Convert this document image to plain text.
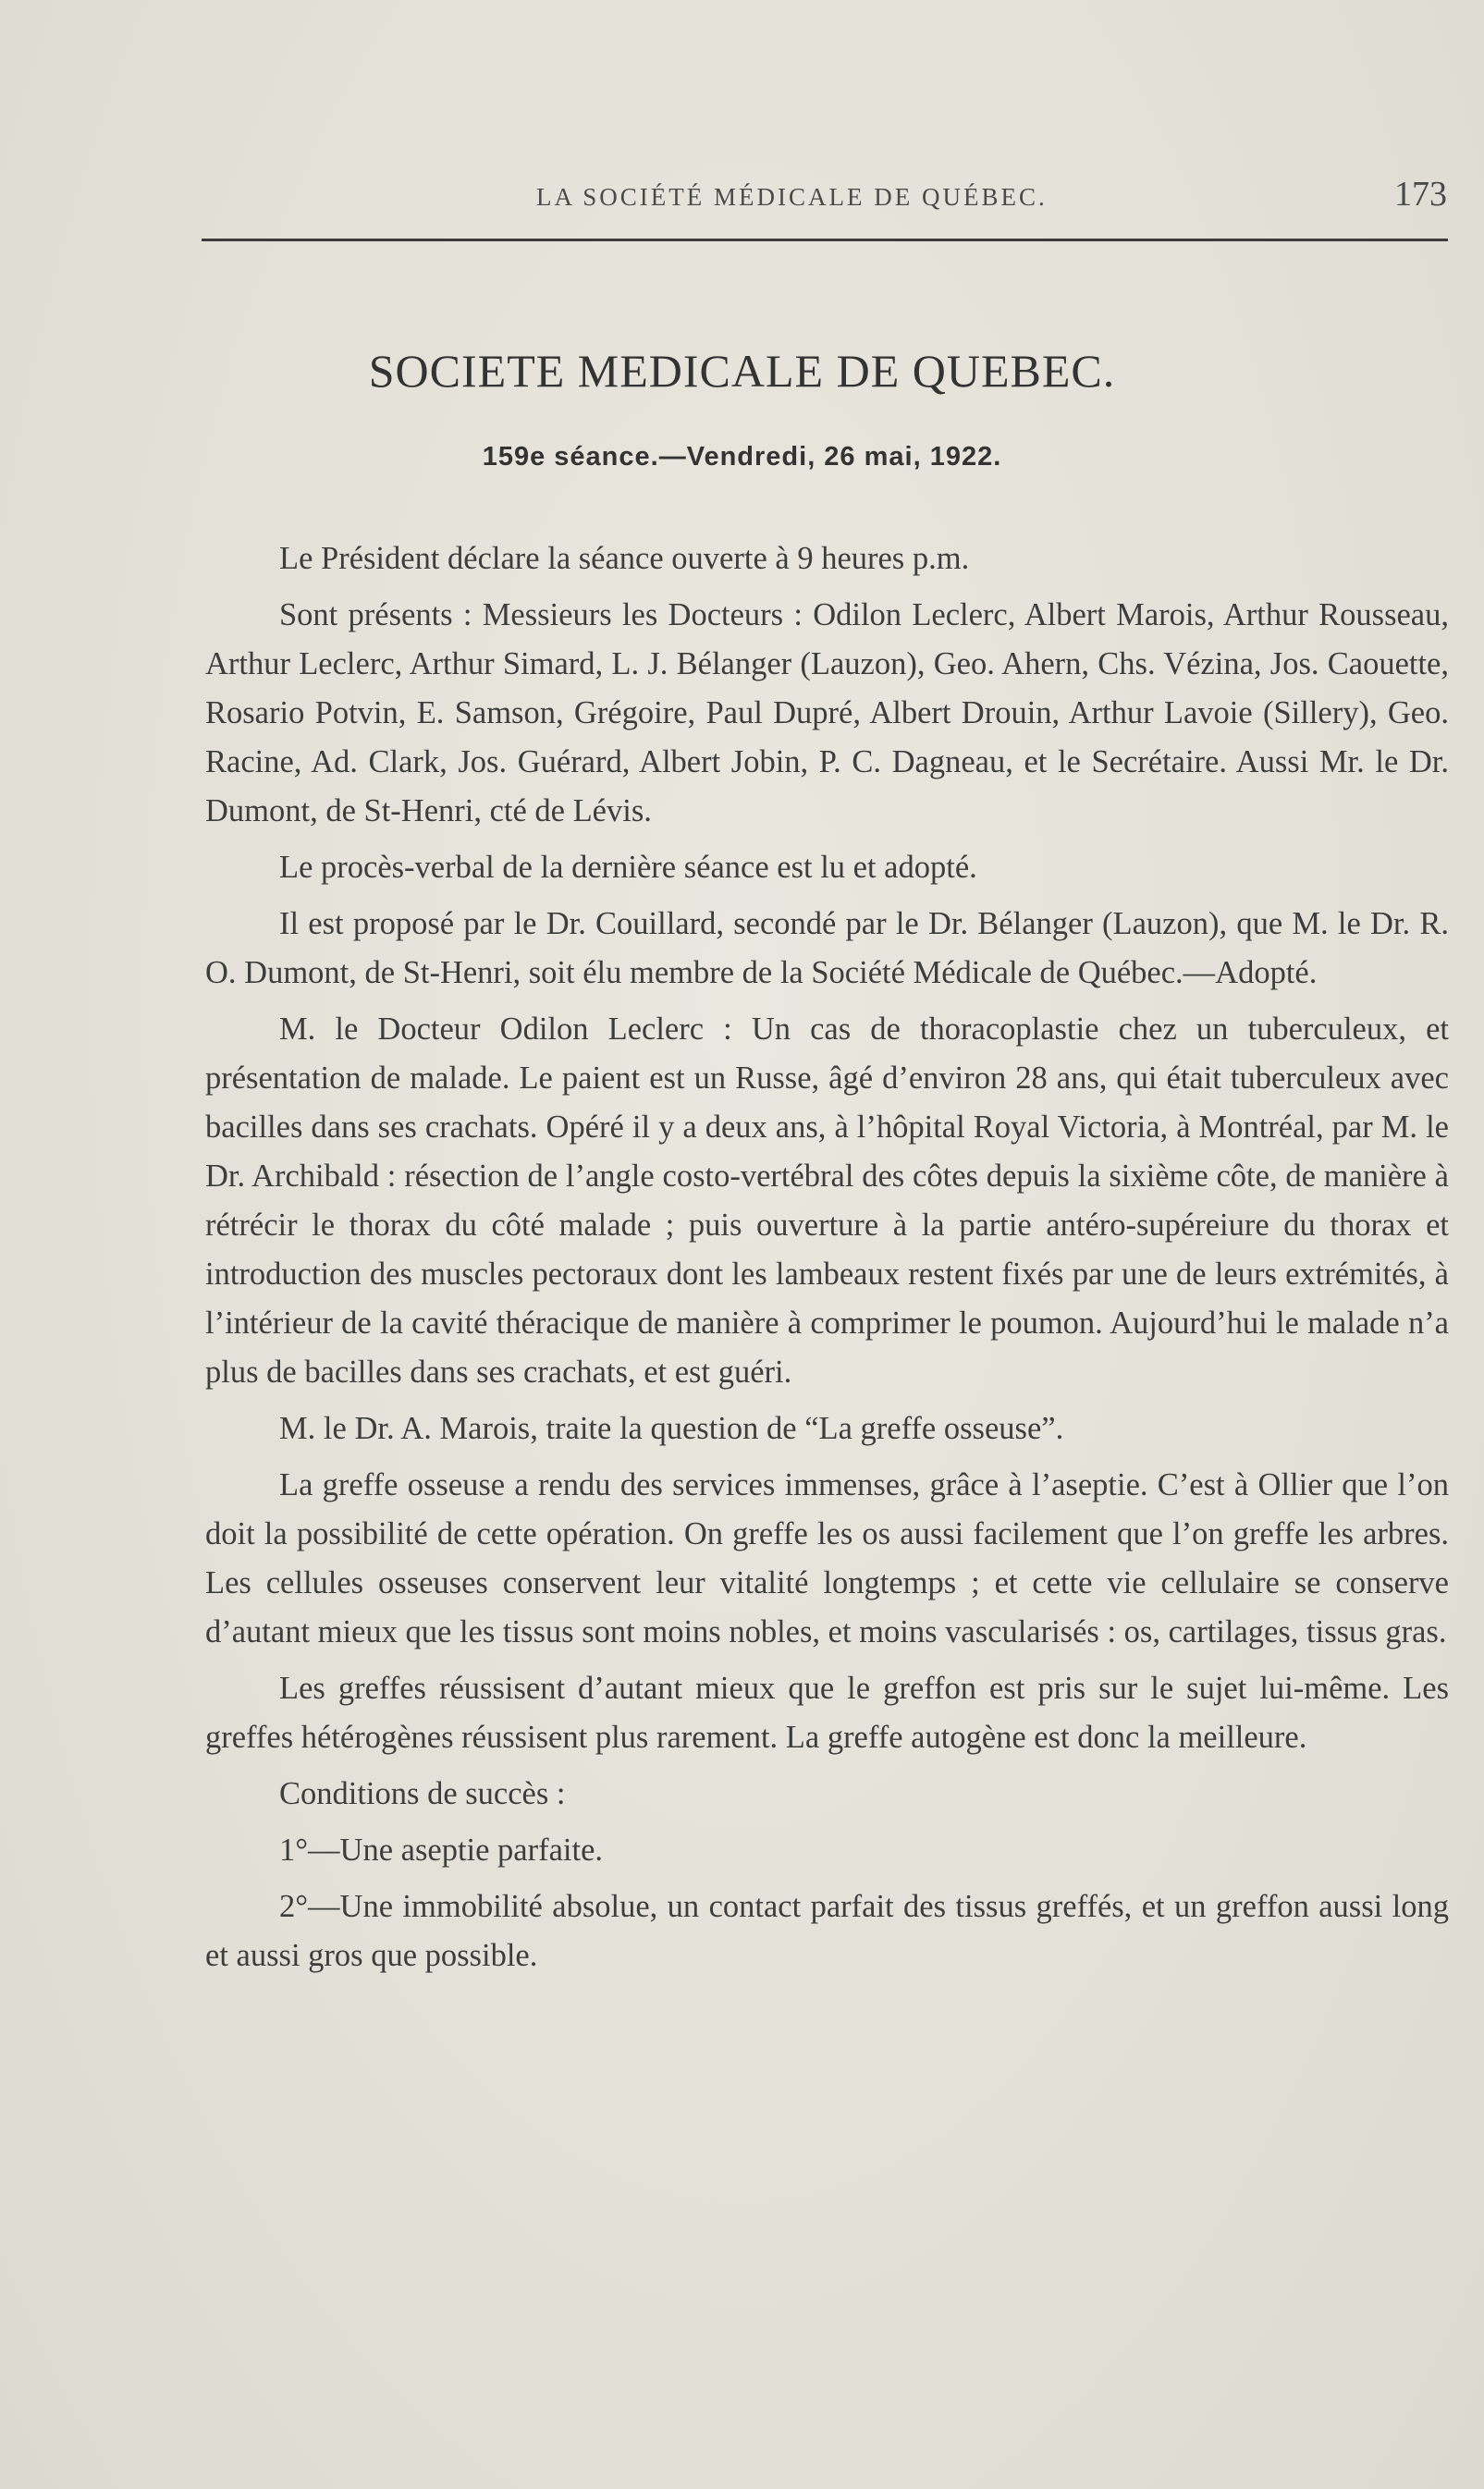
LA SOCIÉTÉ MÉDICALE DE QUÉBEC.	173
SOCIETE MEDICALE DE QUEBEC.
159e séance.—Vendredi, 26 mai, 1922.

Le Président déclare la séance ouverte à 9 heures p.m.

Sont présents : Messieurs les Docteurs : Odilon Leclerc, Albert Marois, Arthur Rousseau, Arthur Leclerc, Arthur Simard, L. J. Bélanger (Lauzon), Geo. Ahern, Chs. Vézina, Jos. Caouette, Rosario Potvin, E. Samson, Grégoire, Paul Dupré, Albert Drouin, Arthur Lavoie (Sillery), Geo. Racine, Ad. Clark, Jos. Guérard, Albert Jobin, P. C. Dagneau, et le Secrétaire. Aussi Mr. le Dr. Dumont, de St-Henri, cté de Lévis.

Le procès-verbal de la dernière séance est lu et adopté.

Il est proposé par le Dr. Couillard, secondé par le Dr. Bélanger (Lauzon), que M. le Dr. R. O. Dumont, de St-Henri, soit élu membre de la Société Médicale de Québec.—Adopté.

M. le Docteur Odilon Leclerc : Un cas de thoracoplastie chez un tuberculeux, et présentation de malade. Le paient est un Russe, âgé d’environ 28 ans, qui était tuberculeux avec bacilles dans ses crachats. Opéré il y a deux ans, à l’hôpital Royal Victoria, à Montréal, par M. le Dr. Archibald : résection de l’angle costo-vertébral des côtes depuis la sixième côte, de manière à rétrécir le thorax du côté malade ; puis ouverture à la partie antéro-supéreiure du thorax et introduction des muscles pectoraux dont les lambeaux restent fixés par une de leurs extrémités, à l’intérieur de la cavité théracique de manière à comprimer le poumon. Aujourd’hui le malade n’a plus de bacilles dans ses crachats, et est guéri.

M. le Dr. A. Marois, traite la question de “La greffe osseuse”.

La greffe osseuse a rendu des services immenses, grâce à l’aseptie. C’est à Ollier que l’on doit la possibilité de cette opération. On greffe les os aussi facilement que l’on greffe les arbres. Les cellules osseuses conservent leur vitalité longtemps ; et cette vie cellulaire se conserve d’autant mieux que les tissus sont moins nobles, et moins vascularisés : os, cartilages, tissus gras.

Les greffes réussisent d’autant mieux que le greffon est pris sur le sujet lui-même. Les greffes hétérogènes réussisent plus rarement. La greffe autogène est donc la meilleure.

Conditions de succès :

1°—Une aseptie parfaite.

2°—Une immobilité absolue, un contact parfait des tissus greffés, et un greffon aussi long et aussi gros que possible.
